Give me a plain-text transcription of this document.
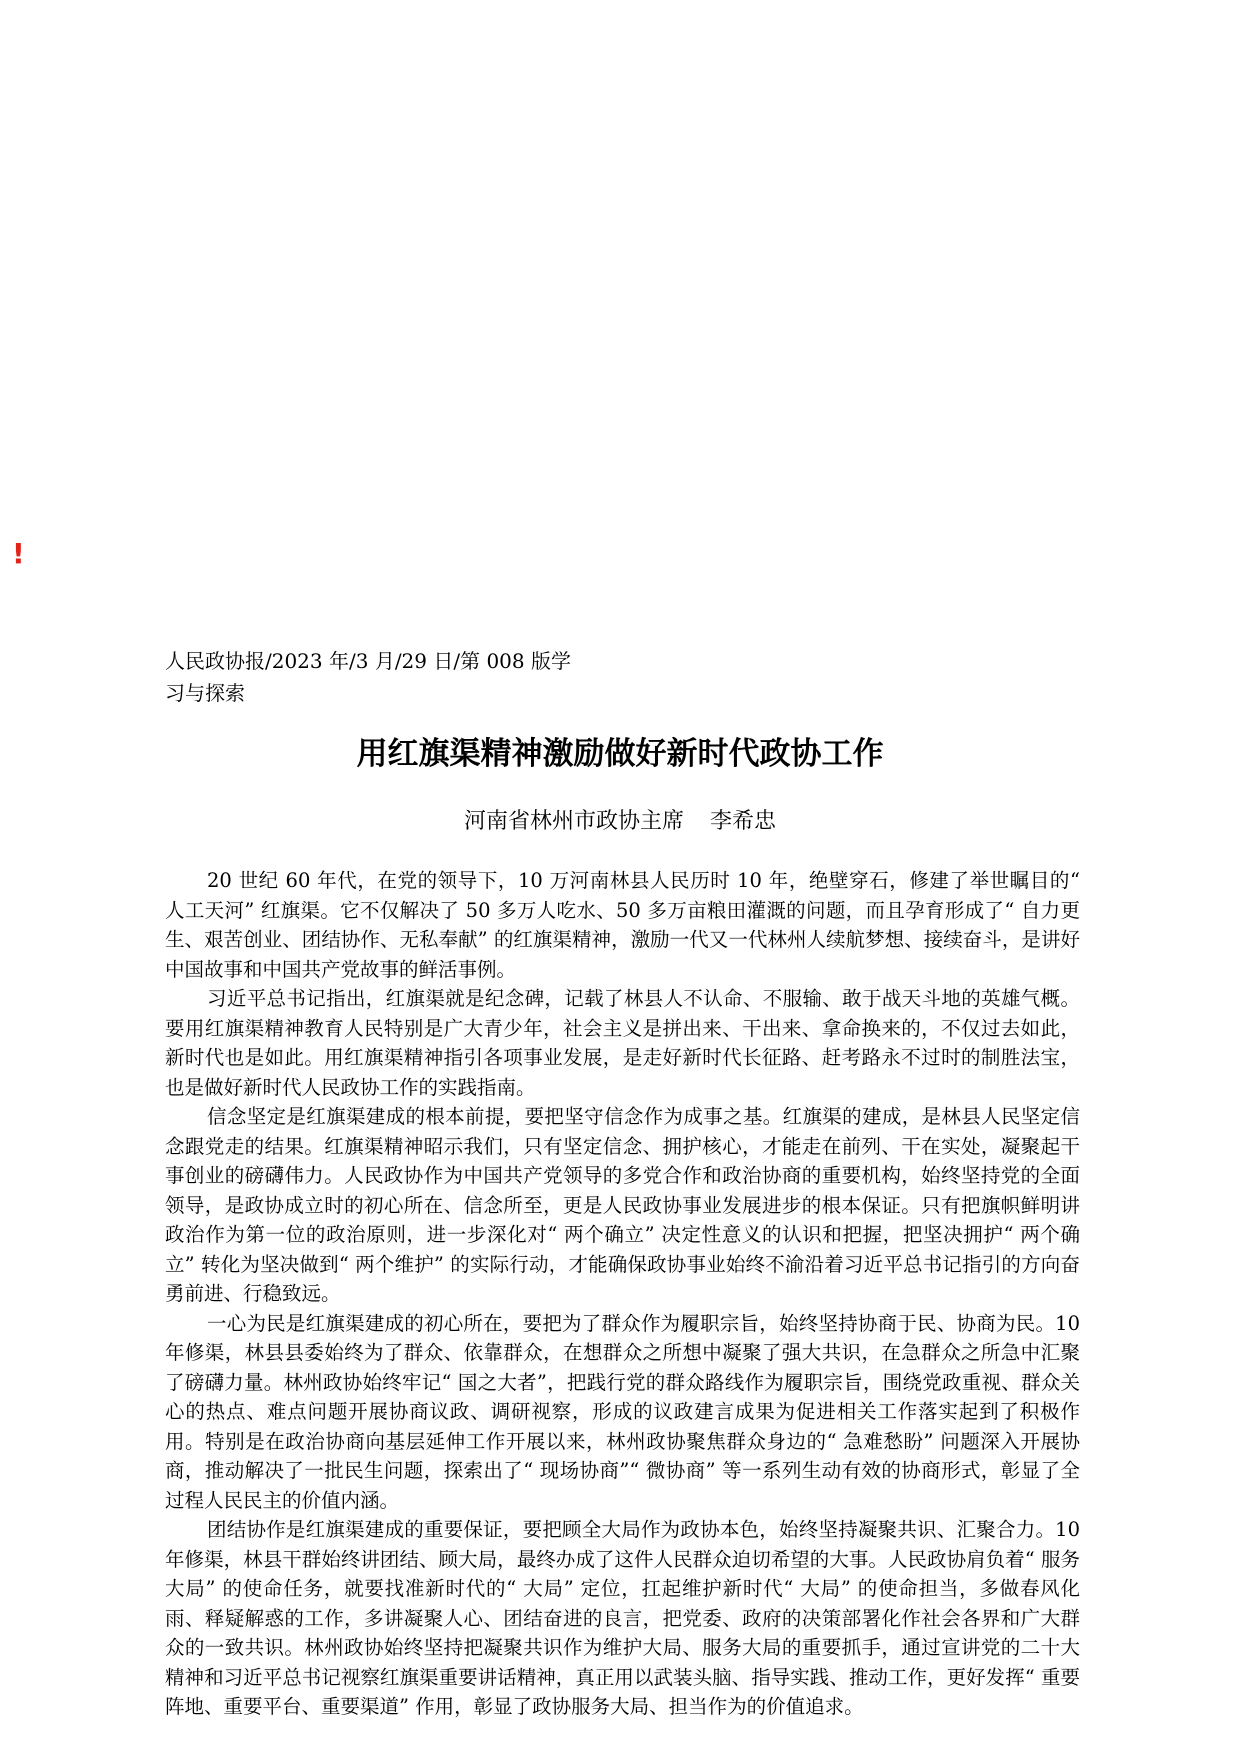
!

人民政协报/2023 年/3 月/29 日/第 008 版学习与探索

用红旗渠精神激励做好新时代政协工作
河南省林州市政协主席 李希忠

20 世纪 60 年代，在党的领导下，10 万河南林县人民历时 10 年，绝壁穿石，修建了举世瞩目的“ 人工天河” 红旗渠。它不仅解决了 50 多万人吃水、50 多万亩粮田灌溉的问题，而且孕育形成了“ 自力更生、艰苦创业、团结协作、无私奉献” 的红旗渠精神，激励一代又一代林州人续航梦想、接续奋斗，是讲好中国故事和中国共产党故事的鲜活事例。

习近平总书记指出，红旗渠就是纪念碑，记载了林县人不认命、不服输、敢于战天斗地的英雄气概。要用红旗渠精神教育人民特别是广大青少年，社会主义是拼出来、干出来、拿命换来的，不仅过去如此，新时代也是如此。用红旗渠精神指引各项事业发展，是走好新时代长征路、赶考路永不过时的制胜法宝，也是做好新时代人民政协工作的实践指南。

信念坚定是红旗渠建成的根本前提，要把坚守信念作为成事之基。红旗渠的建成，是林县人民坚定信念跟党走的结果。红旗渠精神昭示我们，只有坚定信念、拥护核心，才能走在前列、干在实处，凝聚起干事创业的磅礴伟力。人民政协作为中国共产党领导的多党合作和政治协商的重要机构，始终坚持党的全面领导，是政协成立时的初心所在、信念所至，更是人民政协事业发展进步的根本保证。只有把旗帜鲜明讲政治作为第一位的政治原则，进一步深化对“ 两个确立” 决定性意义的认识和把握，把坚决拥护“ 两个确立” 转化为坚决做到“ 两个维护” 的实际行动，才能确保政协事业始终不渝沿着习近平总书记指引的方向奋勇前进、行稳致远。

一心为民是红旗渠建成的初心所在，要把为了群众作为履职宗旨，始终坚持协商于民、协商为民。10 年修渠，林县县委始终为了群众、依靠群众，在想群众之所想中凝聚了强大共识，在急群众之所急中汇聚了磅礴力量。林州政协始终牢记“ 国之大者”，把践行党的群众路线作为履职宗旨，围绕党政重视、群众关心的热点、难点问题开展协商议政、调研视察，形成的议政建言成果为促进相关工作落实起到了积极作用。特别是在政治协商向基层延伸工作开展以来，林州政协聚焦群众身边的“ 急难愁盼” 问题深入开展协商，推动解决了一批民生问题，探索出了“ 现场协商”“ 微协商” 等一系列生动有效的协商形式，彰显了全过程人民民主的价值内涵。

团结协作是红旗渠建成的重要保证，要把顾全大局作为政协本色，始终坚持凝聚共识、汇聚合力。10 年修渠，林县干群始终讲团结、顾大局，最终办成了这件人民群众迫切希望的大事。人民政协肩负着“ 服务大局” 的使命任务，就要找准新时代的“ 大局” 定位，扛起维护新时代“ 大局” 的使命担当，多做春风化雨、释疑解惑的工作，多讲凝聚人心、团结奋进的良言，把党委、政府的决策部署化作社会各界和广大群众的一致共识。林州政协始终坚持把凝聚共识作为维护大局、服务大局的重要抓手，通过宣讲党的二十大精神和习近平总书记视察红旗渠重要讲话精神，真正用以武装头脑、指导实践、推动工作，更好发挥“ 重要阵地、重要平台、重要渠道” 作用，彰显了政协服务大局、担当作为的价值追求。
